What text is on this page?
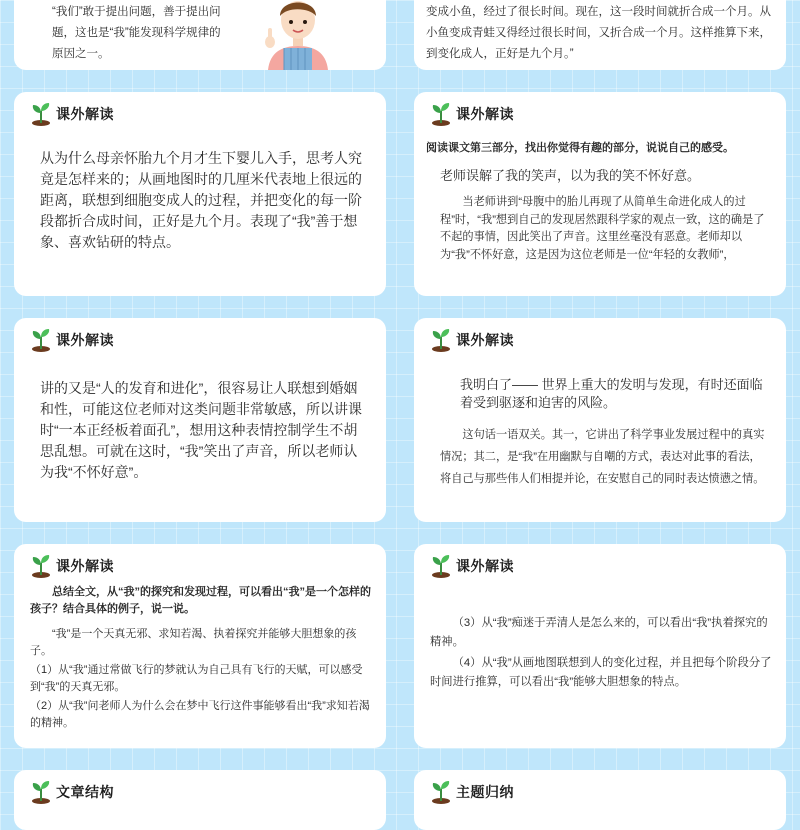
“我们”敢于提出问题，善于提出问
题，这也是“我”能发现科学规律的
原因之一。
变成小鱼，经过了很长时间。现在，这一段时间就折合成一个月。从
小鱼变成青蛙又得经过很长时间，又折合成一个月。这样推算下来，
到变化成人，正好是九个月。”
课外解读
从为什么母亲怀胎九个月才生下婴儿入手，思考人究竟是怎样来的；从画地图时的几厘米代表地上很远的距离，联想到细胞变成人的过程，并把变化的每一阶段都折合成时间，正好是九个月。表现了“我”善于想象、喜欢钻研的特点。
课外解读
阅读课文第三部分，找出你觉得有趣的部分，说说自己的感受。
老师误解了我的笑声，以为我的笑不怀好意。
当老师讲到“母腹中的胎儿再现了从简单生命进化成人的过程”时，“我”想到自己的发现居然跟科学家的观点一致，这的确是了不起的事情，因此笑出了声音。这里丝毫没有恶意。老师却以为“我”不怀好意，这是因为这位老师是一位“年轻的女教师”，
课外解读
讲的又是“人的发育和进化”，很容易让人联想到婚姻和性，可能这位老师对这类问题非常敏感，所以讲课时“一本正经板着面孔”，想用这种表情控制学生不胡思乱想。可就在这时，“我”笑出了声音，所以老师认为我“不怀好意”。
课外解读
我明白了—— 世界上重大的发明与发现，有时还面临着受到驱逐和迫害的风险。
这句话一语双关。其一，它讲出了科学事业发展过程中的真实情况；其二，是“我”在用幽默与自嘲的方式，表达对此事的看法，将自己与那些伟人们相提并论，在安慰自己的同时表达愤懑之情。
课外解读
总结全文，从“我”的探究和发现过程，可以看出“我”是一个怎样的孩子？结合具体的例子，说一说。
“我”是一个天真无邪、求知若渴、执着探究并能够大胆想象的孩子。
（1）从“我”通过常做飞行的梦就认为自己具有飞行的天赋，可以感受到“我”的天真无邪。
（2）从“我”问老师人为什么会在梦中飞行这件事能够看出“我”求知若渴的精神。
课外解读
（3）从“我”痴迷于弄清人是怎么来的，可以看出“我”执着探究的精神。
（4）从“我”从画地图联想到人的变化过程，并且把每个阶段分了时间进行推算，可以看出“我”能够大胆想象的特点。
文章结构	主题归纳
